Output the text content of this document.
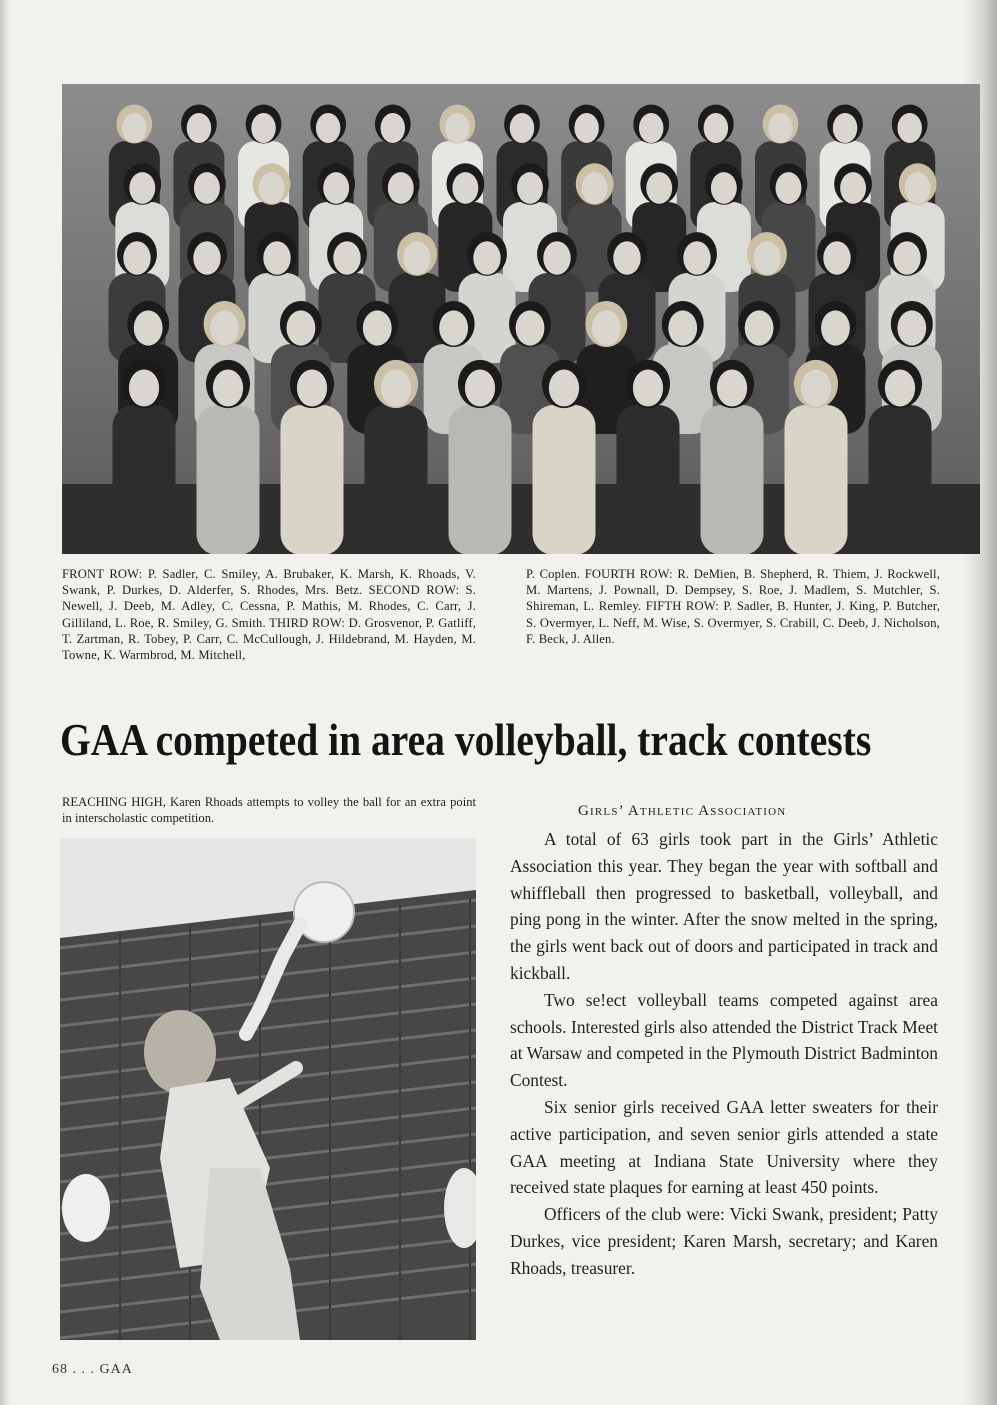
FRONT ROW: P. Sadler, C. Smiley, A. Brubaker, K. Marsh, K. Rhoads, V. Swank, P. Durkes, D. Alderfer, S. Rhodes, Mrs. Betz. SECOND ROW: S. Newell, J. Deeb, M. Adley, C. Cessna, P. Mathis, M. Rhodes, C. Carr, J. Gilliland, L. Roe, R. Smiley, G. Smith. THIRD ROW: D. Grosvenor, P. Gatliff, T. Zartman, R. Tobey, P. Carr, C. McCullough, J. Hildebrand, M. Hayden, M. Towne, K. Warmbrod, M. Mitchell,
P. Coplen. FOURTH ROW: R. DeMien, B. Shepherd, R. Thiem, J. Rockwell, M. Martens, J. Pownall, D. Dempsey, S. Roe, J. Madlem, S. Mutchler, S. Shireman, L. Remley. FIFTH ROW: P. Sadler, B. Hunter, J. King, P. Butcher, S. Overmyer, L. Neff, M. Wise, S. Overmyer, S. Crabill, C. Deeb, J. Nicholson, F. Beck, J. Allen.
GAA competed in area volleyball, track contests
REACHING HIGH, Karen Rhoads attempts to volley the ball for an extra point in interscholastic competition.	Girls’ Athletic Association

A total of 63 girls took part in the Girls’ Athletic Association this year. They began the year with softball and whiffleball then progressed to basketball, volleyball, and ping pong in the winter. After the snow melted in the spring, the girls went back out of doors and participated in track and kickball.

Two se!ect volleyball teams competed against area schools. Interested girls also attended the District Track Meet at Warsaw and competed in the Plymouth District Badminton Contest.

Six senior girls received GAA letter sweaters for their active participation, and seven senior girls attended a state GAA meeting at Indiana State University where they received state plaques for earning at least 450 points.

Officers of the club were: Vicki Swank, president; Patty Durkes, vice president; Karen Marsh, secretary; and Karen Rhoads, treasurer.

68 . . . GAA
